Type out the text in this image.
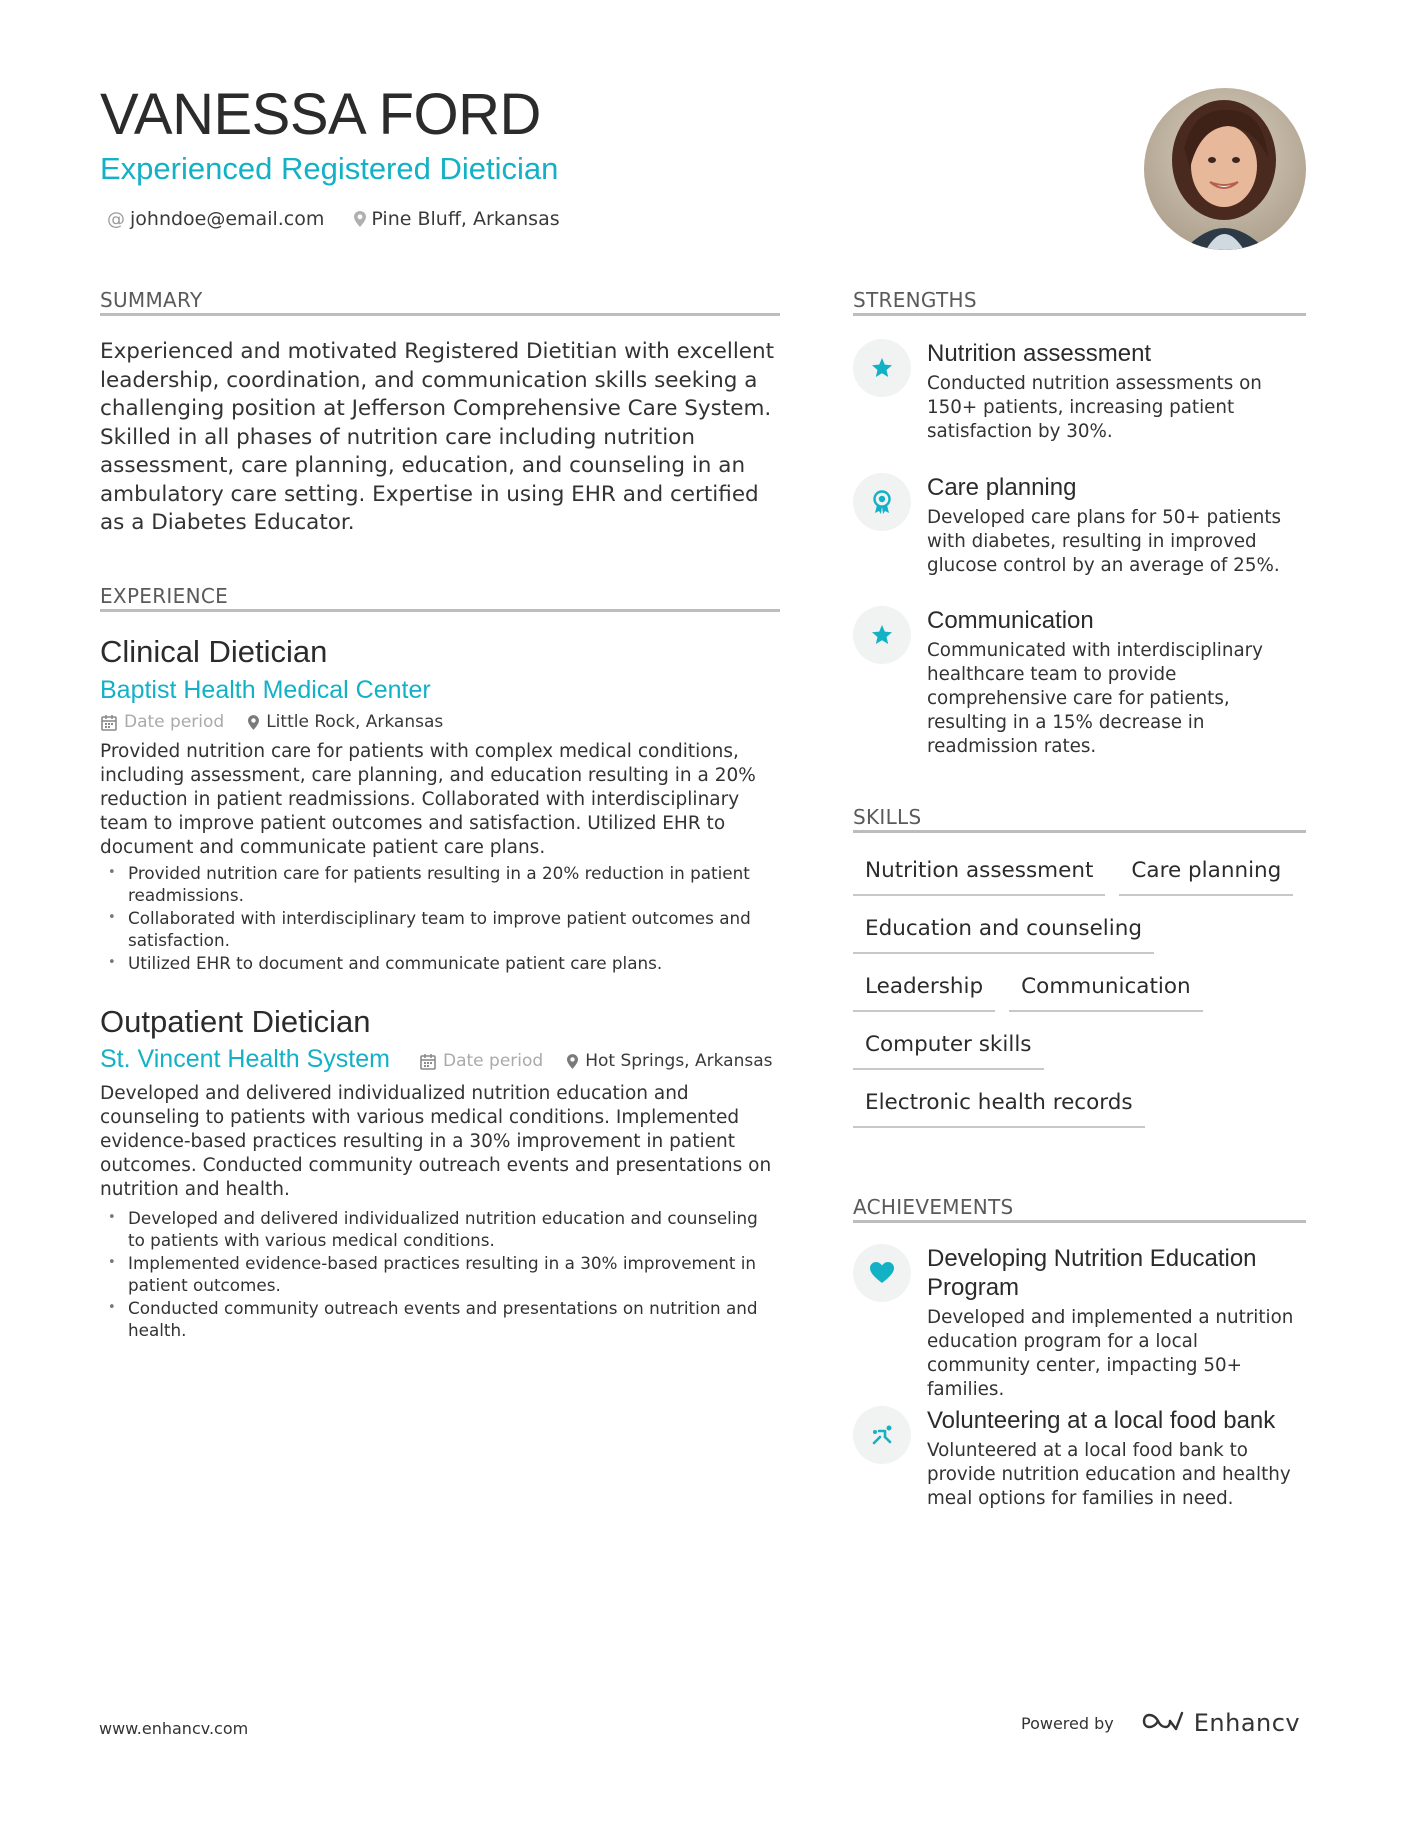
VANESSA FORD
Experienced Registered Dietician
@ johndoe@email.com Pine Bluff, Arkansas
SUMMARY
Experienced and motivated Registered Dietitian with excellent leadership, coordination, and communication skills seeking a challenging position at Jefferson Comprehensive Care System. Skilled in all phases of nutrition care including nutrition assessment, care planning, education, and counseling in an ambulatory care setting. Expertise in using EHR and certified as a Diabetes Educator.
EXPERIENCE
Clinical Dietician
Baptist Health Medical Center
Date period Little Rock, Arkansas
Provided nutrition care for patients with complex medical conditions, including assessment, care planning, and education resulting in a 20% reduction in patient readmissions. Collaborated with interdisciplinary team to improve patient outcomes and satisfaction. Utilized EHR to document and communicate patient care plans.
• Provided nutrition care for patients resulting in a 20% reduction in patient readmissions.
• Collaborated with interdisciplinary team to improve patient outcomes and satisfaction.
• Utilized EHR to document and communicate patient care plans.
Outpatient Dietician
St. Vincent Health System	Date period Hot Springs, Arkansas
Developed and delivered individualized nutrition education and counseling to patients with various medical conditions. Implemented evidence-based practices resulting in a 30% improvement in patient outcomes. Conducted community outreach events and presentations on nutrition and health.
• Developed and delivered individualized nutrition education and counseling to patients with various medical conditions.
• Implemented evidence-based practices resulting in a 30% improvement in patient outcomes.
• Conducted community outreach events and presentations on nutrition and health.
STRENGTHS
Nutrition assessment
Conducted nutrition assessments on 150+ patients, increasing patient satisfaction by 30%.
Care planning
Developed care plans for 50+ patients with diabetes, resulting in improved glucose control by an average of 25%.
Communication
Communicated with interdisciplinary healthcare team to provide comprehensive care for patients, resulting in a 15% decrease in readmission rates.
SKILLS
Nutrition assessment	Care planning
Education and counseling
Leadership	Communication
Computer skills
Electronic health records
ACHIEVEMENTS
Developing Nutrition Education Program
Developed and implemented a nutrition education program for a local community center, impacting 50+ families.
Volunteering at a local food bank
Volunteered at a local food bank to provide nutrition education and healthy meal options for families in need.
www.enhancv.com	Powered by	Enhancv
